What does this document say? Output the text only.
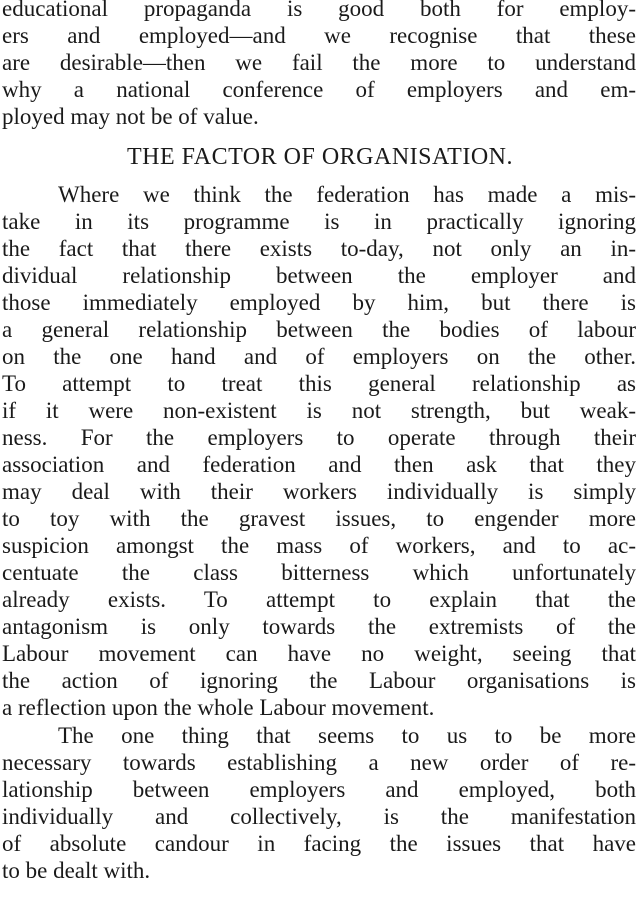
educational propaganda is good both for employ-
ers and employed—and we recognise that these
are desirable—then we fail the more to understand
why a national conference of employers and em-
ployed may not be of value.
THE FACTOR OF ORGANISATION.
Where we think the federation has made a mis-
take in its programme is in practically ignoring
the fact that there exists to-day, not only an in-
dividual relationship between the employer and
those immediately employed by him, but there is
a general relationship between the bodies of labour
on the one hand and of employers on the other.
To attempt to treat this general relationship as
if it were non-existent is not strength, but weak-
ness. For the employers to operate through their
association and federation and then ask that they
may deal with their workers individually is simply
to toy with the gravest issues, to engender more
suspicion amongst the mass of workers, and to ac-
centuate the class bitterness which unfortunately
already exists. To attempt to explain that the
antagonism is only towards the extremists of the
Labour movement can have no weight, seeing that
the action of ignoring the Labour organisations is
a reflection upon the whole Labour movement.
The one thing that seems to us to be more
necessary towards establishing a new order of re-
lationship between employers and employed, both
individually and collectively, is the manifestation
of absolute candour in facing the issues that have
to be dealt with.
